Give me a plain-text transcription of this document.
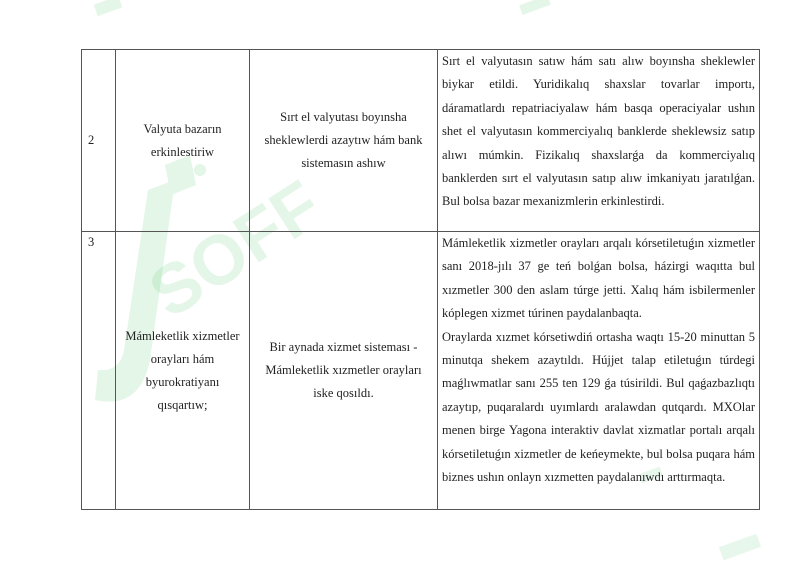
SOFF
2	Valyuta bazarın erkinlestiriw	Sırt el valyutası boyınsha sheklewlerdi azaytıw hám bank sistemasın ashıw	Sırt el valyutasın satıw hám satı alıw boyınsha sheklewler biykar etildi. Yuridikalıq shaxslar tovarlar importı, dáramatlardı repatriaciyalaw hám basqa operaciyalar ushın shet el valyutasın kommerciyalıq banklerde sheklewsiz satıp alıwı múmkin. Fizikalıq shaxslarǵa da kommerciyalıq banklerden sırt el valyutasın satıp alıw imkaniyatı jaratılǵan. Bul bolsa bazar mexanizmlerin erkinlestirdi.

3	Mámleketlik xizmetler orayları hám byurokratiyanı qısqartıw;	Bir aynada xizmet sisteması - Mámleketlik xızmetler orayları iske qosıldı.	Mámleketlik xizmetler orayları arqalı kórsetiletuǵın xizmetler sanı 2018-jılı 37 ge teń bolǵan bolsa, házirgi waqıtta bul xızmetler 300 den aslam túrge jetti. Xalıq hám isbilermenler kóplegen xizmet túrinen paydalanbaqta.

Oraylarda xızmet kórsetiwdiń ortasha waqtı 15-20 minuttan 5 minutqa shekem azaytıldı. Hújjet talap etiletuǵın túrdegi maǵlıwmatlar sanı 255 ten 129 ǵa túsirildi. Bul qaǵazbazlıqtı azaytıp, puqaralardı uyımlardı aralawdan qutqardı. MXOlar menen birge Yagona interaktiv davlat xizmatlar portalı arqalı kórsetiletuǵın xizmetler de keńeymekte, bul bolsa puqara hám biznes ushın onlayn xızmetten paydalanıwdı arttırmaqta.
